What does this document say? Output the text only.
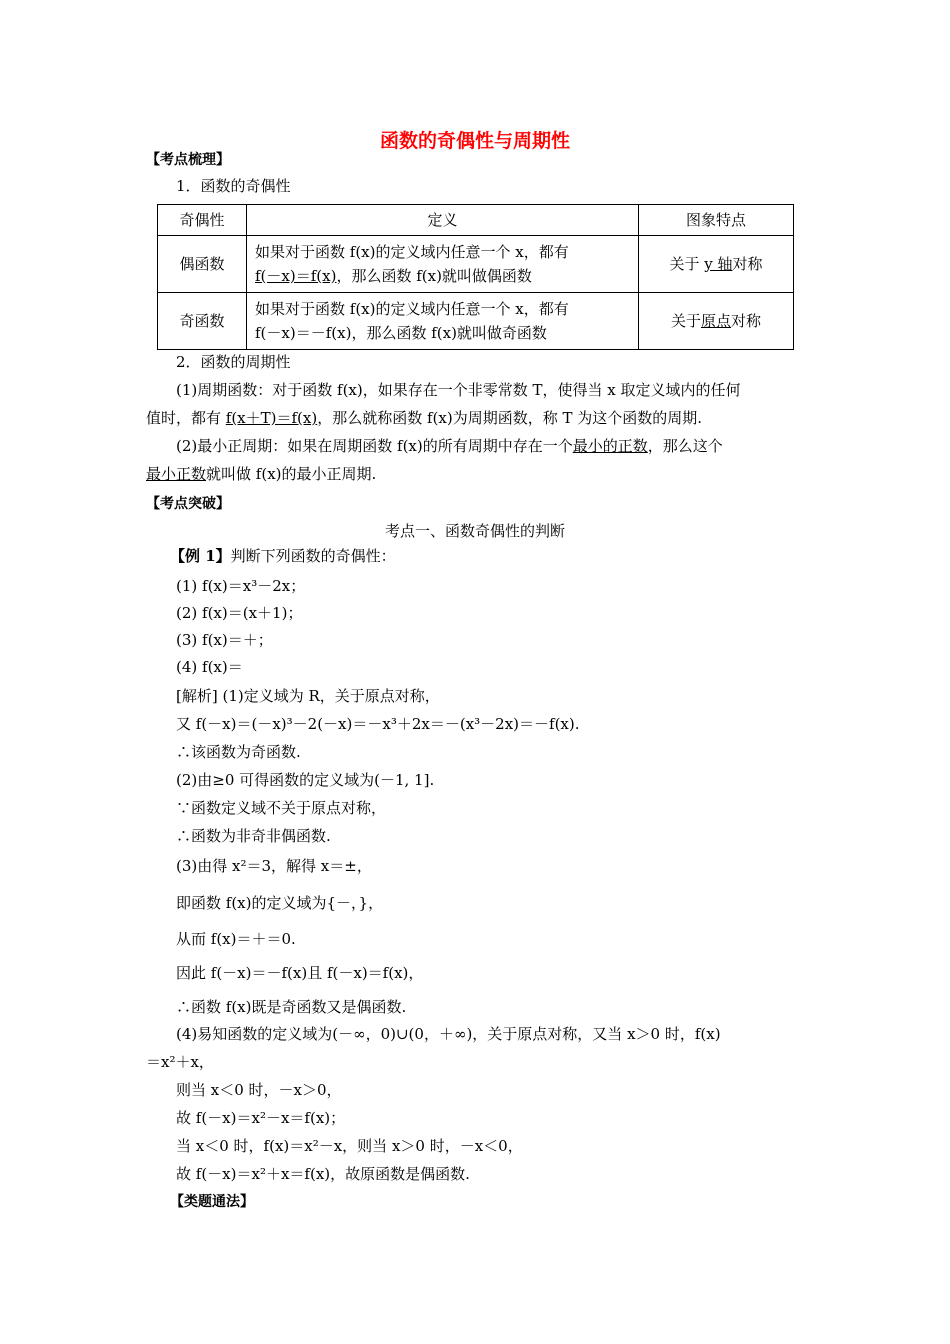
函数的奇偶性与周期性
【考点梳理】
1．函数的奇偶性
奇偶性	定义	图象特点
偶函数	如果对于函数 f(x)的定义域内任意一个 x，都有
f(－x)＝f(x)，那么函数 f(x)就叫做偶函数	关于 y 轴对称
奇函数	如果对于函数 f(x)的定义域内任意一个 x，都有
f(－x)＝－f(x)，那么函数 f(x)就叫做奇函数	关于原点对称
2．函数的周期性
(1)周期函数：对于函数 f(x)，如果存在一个非零常数 T，使得当 x 取定义域内的任何
值时，都有 f(x＋T)＝f(x)，那么就称函数 f(x)为周期函数，称 T 为这个函数的周期.
(2)最小正周期：如果在周期函数 f(x)的所有周期中存在一个最小的正数，那么这个
最小正数就叫做 f(x)的最小正周期.
【考点突破】
考点一、函数奇偶性的判断
【例 1】判断下列函数的奇偶性：
(1) f(x)＝x³－2x；
(2) f(x)＝(x＋1)；
(3) f(x)＝＋；
(4) f(x)＝
[解析] (1)定义域为 R，关于原点对称，
又 f(－x)＝(－x)³－2(－x)＝－x³＋2x＝－(x³－2x)＝－f(x).
∴该函数为奇函数.
(2)由≥0 可得函数的定义域为(－1, 1].
∵函数定义域不关于原点对称，
∴函数为非奇非偶函数.
(3)由得 x²＝3，解得 x＝±，
即函数 f(x)的定义域为{－，}，
从而 f(x)＝＋＝0.
因此 f(－x)＝－f(x)且 f(－x)＝f(x)，
∴函数 f(x)既是奇函数又是偶函数.
(4)易知函数的定义域为(－∞，0)∪(0，＋∞)，关于原点对称，又当 x＞0 时，f(x)
＝x²＋x，
则当 x＜0 时，－x＞0，
故 f(－x)＝x²－x＝f(x)；
当 x＜0 时，f(x)＝x²－x，则当 x＞0 时，－x＜0，
故 f(－x)＝x²＋x＝f(x)，故原函数是偶函数.
【类题通法】
